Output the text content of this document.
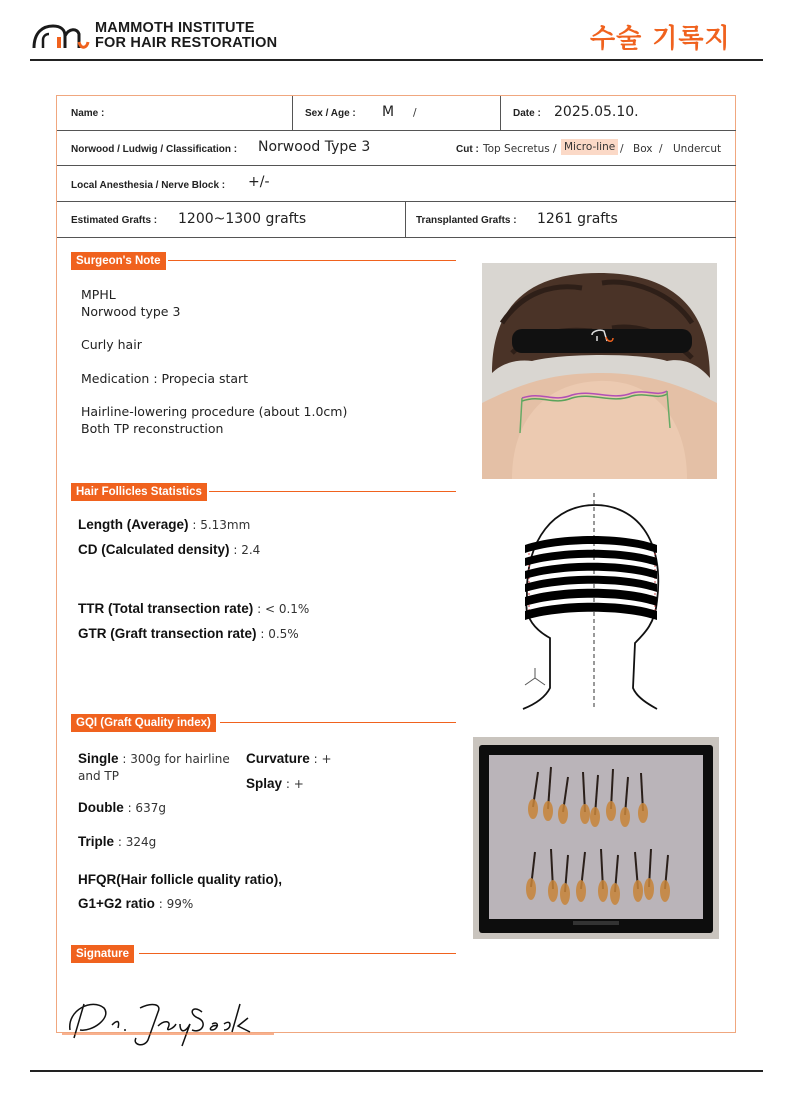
MAMMOTH INSTITUTE
FOR HAIR RESTORATION	수술 기록지
Name :	Sex / Age : M /	Date : 2025.05.10.
Norwood / Ludwig / Classification : Norwood Type 3	Cut : Top Secretus / Micro-line / Box / Undercut
Local Anesthesia / Nerve Block : +/-
Estimated Grafts : 1200~1300 grafts	Transplanted Grafts : 1261 grafts
Surgeon's Note
MPHL
Norwood type 3
Curly hair
Medication : Propecia start
Hairline-lowering procedure (about 1.0cm)
Both TP reconstruction
Hair Follicles Statistics
Length (Average) : 5.13mm
CD (Calculated density) : 2.4
TTR (Total transection rate) : < 0.1%
GTR (Graft transection rate) : 0.5%
GQI (Graft Quality index)
Single : 300g for hairline
and TP
Curvature : +
Splay : +
Double : 637g
Triple : 324g
HFQR(Hair follicle quality ratio),
G1+G2 ratio : 99%
Signature
